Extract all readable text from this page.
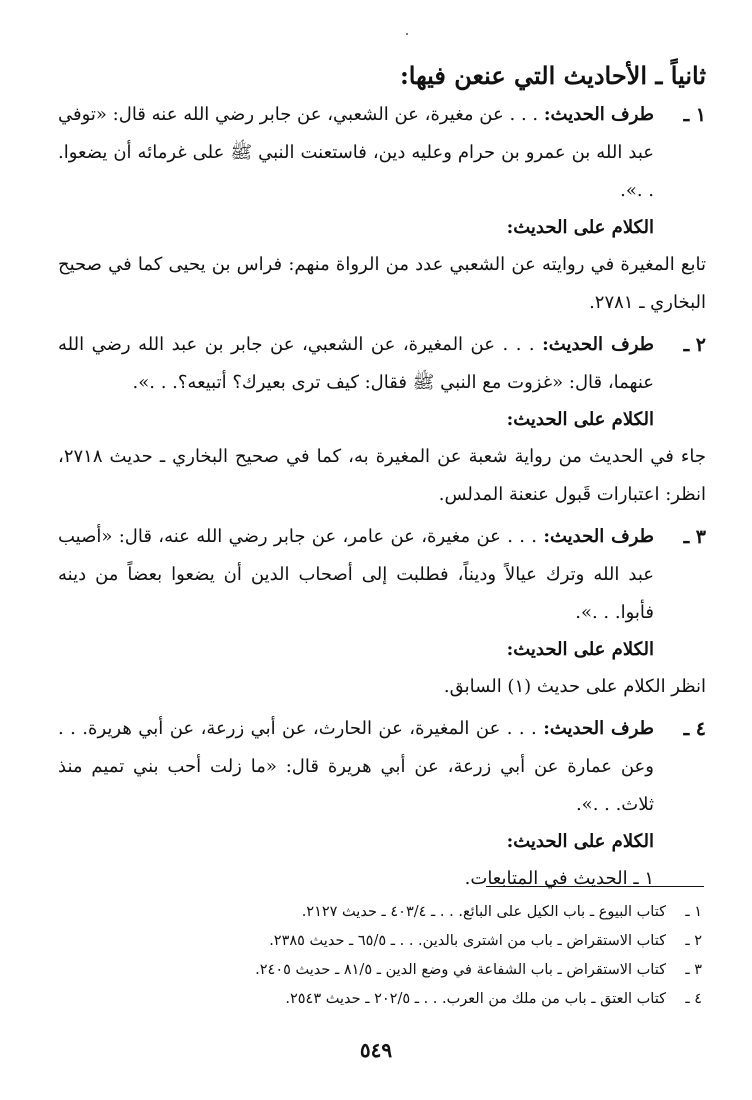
ثانياً ـ الأحاديث التي عنعن فيها:
١ ـ
طرف الحديث: . . . عن مغيرة، عن الشعبي، عن جابر رضي الله عنه قال: «توفي عبد الله بن عمرو بن حرام وعليه دين، فاستعنت النبي ﷺ على غرمائه أن يضعوا. . .».
الكلام على الحديث:
تابع المغيرة في روايته عن الشعبي عدد من الرواة منهم: فراس بن يحيى كما في صحيح البخاري ـ ٢٧٨١.
٢ ـ
طرف الحديث: . . . عن المغيرة، عن الشعبي، عن جابر بن عبد الله رضي الله عنهما، قال: «غزوت مع النبي ﷺ فقال: كيف ترى بعيرك؟ أتبيعه؟. . .».
الكلام على الحديث:
جاء في الحديث من رواية شعبة عن المغيرة به، كما في صحيح البخاري ـ حديث ٢٧١٨، انظر: اعتبارات قَبول عنعنة المدلس.
٣ ـ
طرف الحديث: . . . عن مغيرة، عن عامر، عن جابر رضي الله عنه، قال: «أصيب عبد الله وترك عيالاً وديناً، فطلبت إلى أصحاب الدين أن يضعوا بعضاً من دينه فأبوا. . .».
الكلام على الحديث:
انظر الكلام على حديث (١) السابق.
٤ ـ
طرف الحديث: . . . عن المغيرة، عن الحارث، عن أبي زرعة، عن أبي هريرة. . . وعن عمارة عن أبي زرعة، عن أبي هريرة قال: «ما زلت أحب بني تميم منذ ثلاث. . .».
الكلام على الحديث:
١ ـ الحديث في المتابعات.
١ ـكتاب البيوع ـ باب الكيل على البائع. . . ـ ٤٠٣/٤ ـ حديث ٢١٢٧.
٢ ـكتاب الاستقراض ـ باب من اشترى بالدين. . . ـ ٦٥/٥ ـ حديث ٢٣٨٥.
٣ ـكتاب الاستقراض ـ باب الشفاعة في وضع الدين ـ ٨١/٥ ـ حديث ٢٤٠٥.
٤ ـكتاب العتق ـ باب من ملك من العرب. . . ـ ٢٠٢/٥ ـ حديث ٢٥٤٣.
٥٤٩
